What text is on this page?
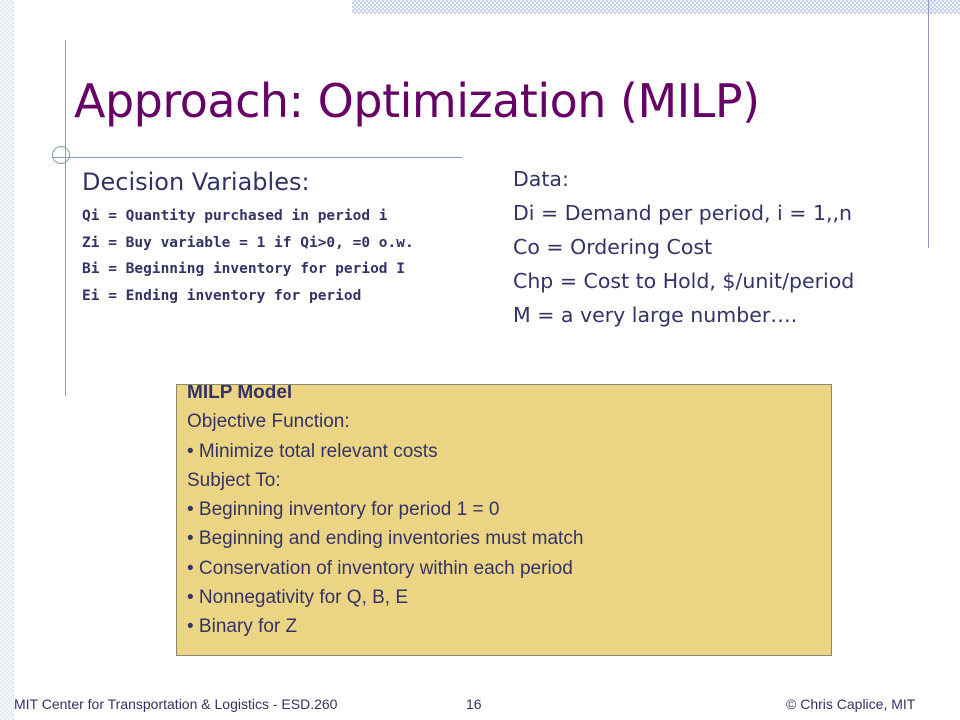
Approach: Optimization (MILP)
Decision Variables:
Qi = Quantity purchased in period i
Zi = Buy variable = 1 if Qi>0, =0 o.w.
Bi = Beginning inventory for period I
Ei = Ending inventory for period
Data:
Di = Demand per period, i = 1,,n
Co = Ordering Cost
Chp = Cost to Hold, $/unit/period
M = a very large number….
MILP Model
Objective Function:
• Minimize total relevant costs
Subject To:
• Beginning inventory for period 1 = 0
• Beginning and ending inventories must match
• Conservation of inventory within each period
• Nonnegativity for Q, B, E
• Binary for Z
MIT Center for Transportation & Logistics - ESD.260	16	© Chris Caplice, MIT
